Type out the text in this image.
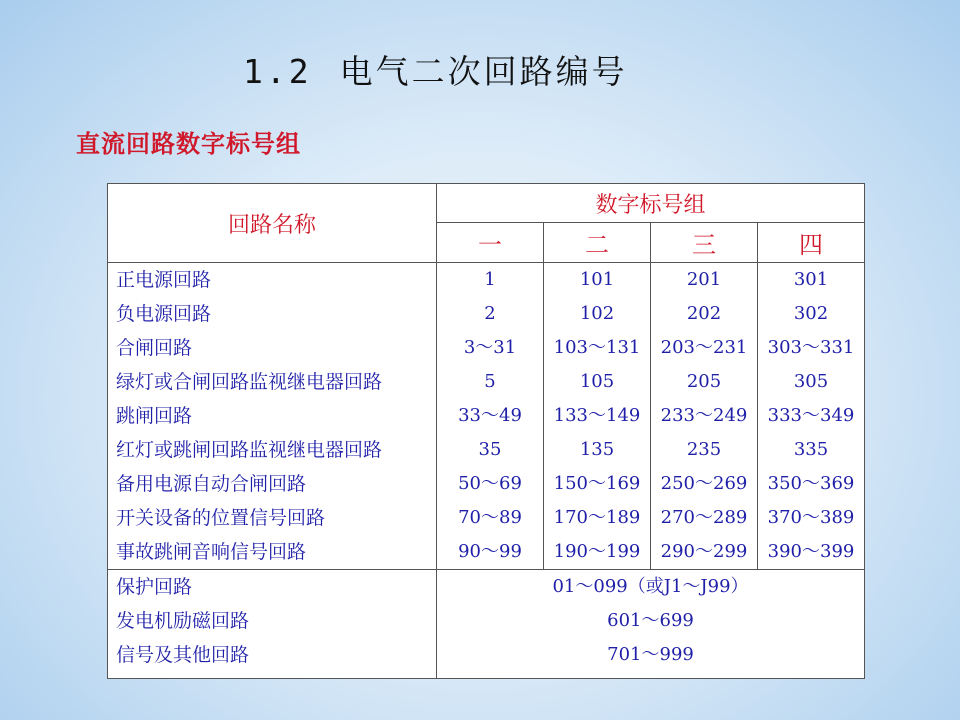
1.2 电气二次回路编号
直流回路数字标号组
回路名称	数字标号组			
	一	二	三	四
正电源回路	1	101	201	301
负电源回路	2	102	202	302
合闸回路	3～31	103～131	203～231	303～331
绿灯或合闸回路监视继电器回路	5	105	205	305
跳闸回路	33～49	133～149	233～249	333～349
红灯或跳闸回路监视继电器回路	35	135	235	335
备用电源自动合闸回路	50～69	150～169	250～269	350～369
开关设备的位置信号回路	70～89	170～189	270～289	370～389
事故跳闸音响信号回路	90～99	190～199	290～299	390～399
保护回路	01～099（或J1～J99）			
发电机励磁回路	601～699			
信号及其他回路	701～999			
